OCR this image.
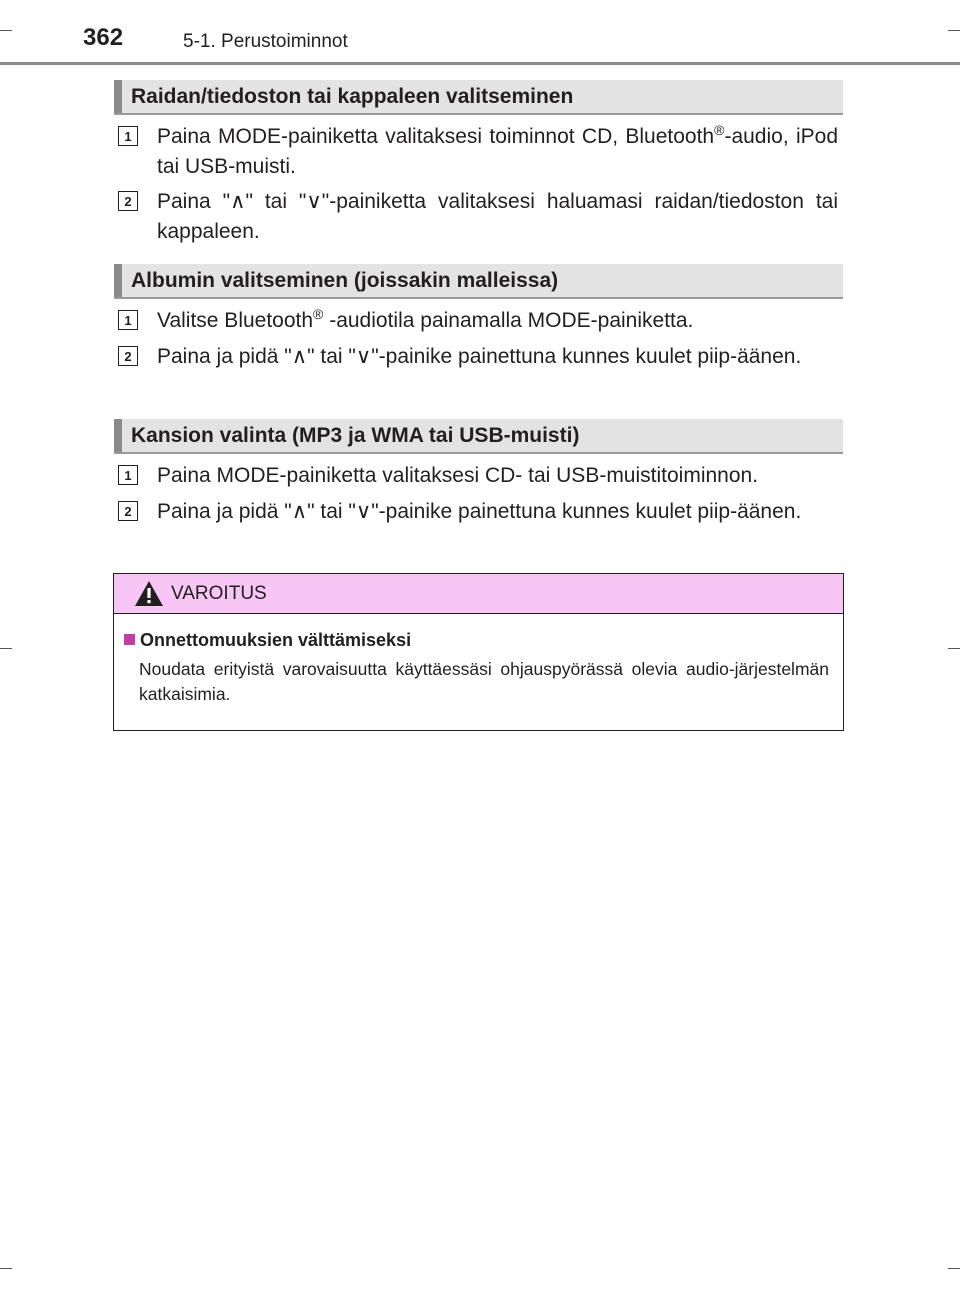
362	5-1. Perustoiminnot
Raidan/tiedoston tai kappaleen valitseminen
1	Paina MODE-painiketta valitaksesi toiminnot CD, Bluetooth®-audio, iPod tai USB-muisti.
2	Paina "∧" tai "∨"-painiketta valitaksesi haluamasi raidan/tiedoston tai kappaleen.
Albumin valitseminen (joissakin malleissa)
1	Valitse Bluetooth® -audiotila painamalla MODE-painiketta.
2	Paina ja pidä "∧" tai "∨"-painike painettuna kunnes kuulet piip-äänen.
Kansion valinta (MP3 ja WMA tai USB-muisti)
1	Paina MODE-painiketta valitaksesi CD- tai USB-muistitoiminnon.
2	Paina ja pidä "∧" tai "∨"-painike painettuna kunnes kuulet piip-äänen.
VAROITUS
Onnettomuuksien välttämiseksi
Noudata erityistä varovaisuutta käyttäessäsi ohjauspyörässä olevia audio-järjestelmän katkaisimia.
